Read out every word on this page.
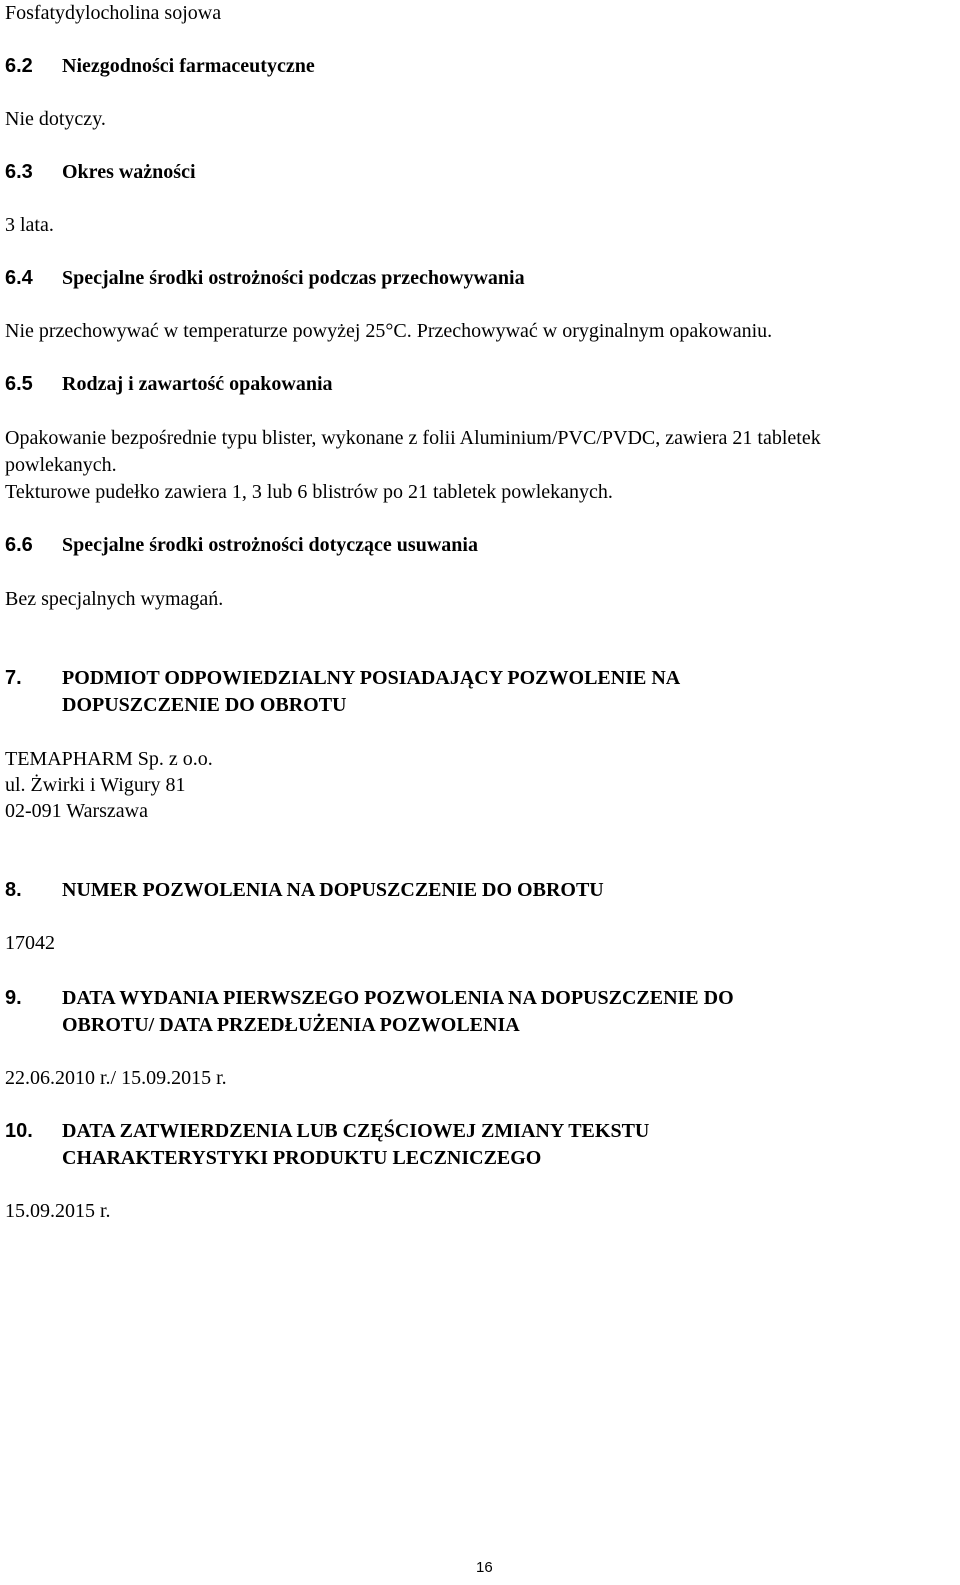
Fosfatydylocholina sojowa
6.2 Niezgodności farmaceutyczne
Nie dotyczy.
6.3 Okres ważności
3 lata.
6.4 Specjalne środki ostrożności podczas przechowywania
Nie przechowywać w temperaturze powyżej 25°C. Przechowywać w oryginalnym opakowaniu.
6.5 Rodzaj i zawartość opakowania
Opakowanie bezpośrednie typu blister, wykonane z folii Aluminium/PVC/PVDC, zawiera 21 tabletek
powlekanych.
Tekturowe pudełko zawiera 1, 3 lub 6 blistrów po 21 tabletek powlekanych.
6.6 Specjalne środki ostrożności dotyczące usuwania
Bez specjalnych wymagań.
7. PODMIOT ODPOWIEDZIALNY POSIADAJĄCY POZWOLENIE NA
DOPUSZCZENIE DO OBROTU
TEMAPHARM Sp. z o.o.
ul. Żwirki i Wigury 81
02-091 Warszawa
8. NUMER POZWOLENIA NA DOPUSZCZENIE DO OBROTU
17042
9. DATA WYDANIA PIERWSZEGO POZWOLENIA NA DOPUSZCZENIE DO
OBROTU/ DATA PRZEDŁUŻENIA POZWOLENIA
22.06.2010 r./ 15.09.2015 r.
10. DATA ZATWIERDZENIA LUB CZĘŚCIOWEJ ZMIANY TEKSTU
CHARAKTERYSTYKI PRODUKTU LECZNICZEGO
15.09.2015 r.
16
